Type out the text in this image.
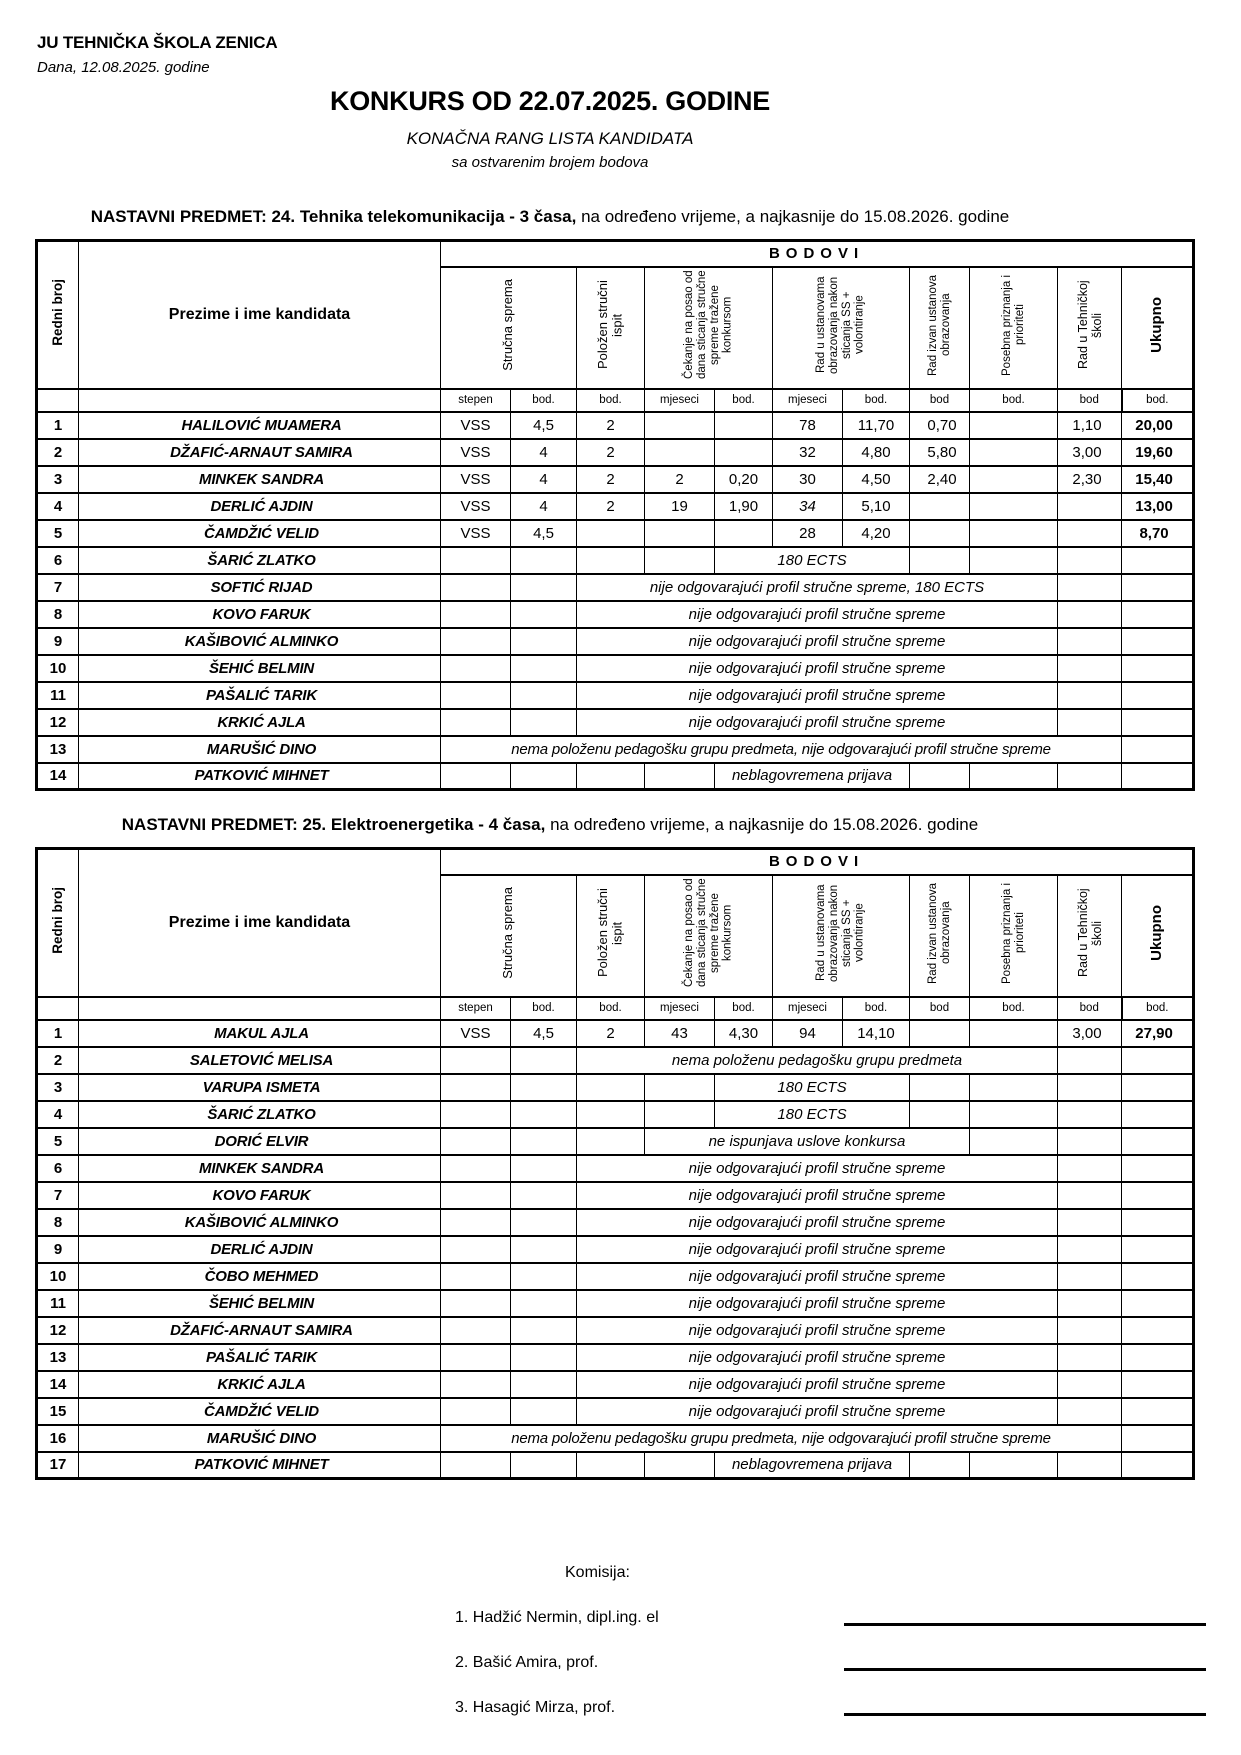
JU TEHNIČKA ŠKOLA ZENICA
Dana, 12.08.2025. godine
KONKURS OD 22.07.2025. GODINE
KONAČNA RANG LISTA KANDIDATA
sa ostvarenim brojem bodova
NASTAVNI PREDMET: 24. Tehnika telekomunikacija - 3 časa, na određeno vrijeme, a najkasnije do 15.08.2026. godine
Redni broj	Prezime i ime kandidata	BODOVI										
		Stručna sprema		Položen stručni ispit	Čekanje na posao od dana sticanja stručne spreme tražene konkursom		Rad u ustanovama obrazovanja nakon sticanja SS + volontiranje		Rad izvan ustanova obrazovanja	Posebna priznanja i prioriteti	Rad u Tehničkoj školi	Ukupno
		stepen	bod.	bod.	mjeseci	bod.	mjeseci	bod.	bod	bod.	bod	bod.
1	HALILOVIĆ MUAMERA	VSS	4,5	2			78	11,70	0,70		1,10	20,00
2	DŽAFIĆ-ARNAUT SAMIRA	VSS	4	2			32	4,80	5,80		3,00	19,60
3	MINKEK SANDRA	VSS	4	2	2	0,20	30	4,50	2,40		2,30	15,40
4	DERLIĆ AJDIN	VSS	4	2	19	1,90	34	5,10				13,00
5	ČAMDŽIĆ VELID	VSS	4,5				28	4,20				8,70
6	ŠARIĆ ZLATKO					180 ECTS						
7	SOFTIĆ RIJAD			nije odgovarajući profil stručne spreme, 180 ECTS								
8	KOVO FARUK			nije odgovarajući profil stručne spreme								
9	KAŠIBOVIĆ ALMINKO			nije odgovarajući profil stručne spreme								
10	ŠEHIĆ BELMIN			nije odgovarajući profil stručne spreme								
11	PAŠALIĆ TARIK			nije odgovarajući profil stručne spreme								
12	KRKIĆ AJLA			nije odgovarajući profil stručne spreme								
13	MARUŠIĆ DINO	nema položenu pedagošku grupu predmeta, nije odgovarajući profil stručne spreme										
14	PATKOVIĆ MIHNET					neblagovremena prijava						
NASTAVNI PREDMET: 25. Elektroenergetika - 4 časa, na određeno vrijeme, a najkasnije do 15.08.2026. godine
Redni broj	Prezime i ime kandidata	BODOVI										
		Stručna sprema		Položen stručni ispit	Čekanje na posao od dana sticanja stručne spreme tražene konkursom		Rad u ustanovama obrazovanja nakon sticanja SS + volontiranje		Rad izvan ustanova obrazovanja	Posebna priznanja i prioriteti	Rad u Tehničkoj školi	Ukupno
		stepen	bod.	bod.	mjeseci	bod.	mjeseci	bod.	bod	bod.	bod	bod.
1	MAKUL AJLA	VSS	4,5	2	43	4,30	94	14,10			3,00	27,90
2	SALETOVIĆ MELISA			nema položenu pedagošku grupu predmeta								
3	VARUPA ISMETA					180 ECTS						
4	ŠARIĆ ZLATKO					180 ECTS						
5	DORIĆ ELVIR				ne ispunjava uslove konkursa							
6	MINKEK SANDRA			nije odgovarajući profil stručne spreme								
7	KOVO FARUK			nije odgovarajući profil stručne spreme								
8	KAŠIBOVIĆ ALMINKO			nije odgovarajući profil stručne spreme								
9	DERLIĆ AJDIN			nije odgovarajući profil stručne spreme								
10	ČOBO MEHMED			nije odgovarajući profil stručne spreme								
11	ŠEHIĆ BELMIN			nije odgovarajući profil stručne spreme								
12	DŽAFIĆ-ARNAUT SAMIRA			nije odgovarajući profil stručne spreme								
13	PAŠALIĆ TARIK			nije odgovarajući profil stručne spreme								
14	KRKIĆ AJLA			nije odgovarajući profil stručne spreme								
15	ČAMDŽIĆ VELID			nije odgovarajući profil stručne spreme								
16	MARUŠIĆ DINO	nema položenu pedagošku grupu predmeta, nije odgovarajući profil stručne spreme										
17	PATKOVIĆ MIHNET					neblagovremena prijava						
Komisija:
1. Hadžić Nermin, dipl.ing. el
2. Bašić Amira, prof.
3. Hasagić Mirza, prof.
